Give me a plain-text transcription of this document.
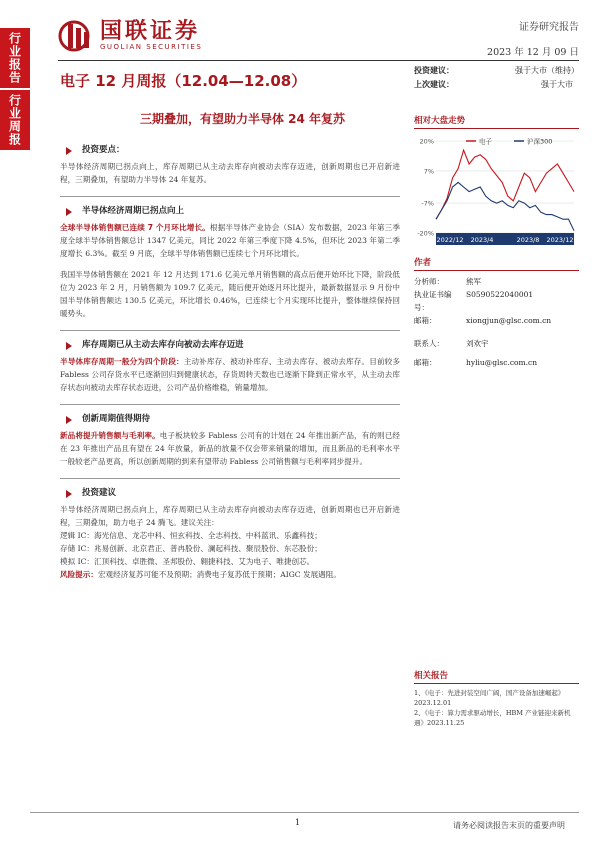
行业报告
行业周报
国联证券
GUOLIAN SECURITIES
证券研究报告
2023 年 12 月 09 日
电子 12 月周报（12.04—12.08）
三期叠加，有望助力半导体 24 年复苏
投资要点：
半导体经济周期已拐点向上，库存周期已从主动去库存向被动去库存迈进，创新周期也已开启新进程，三期叠加，有望助力半导体 24 年复苏。
半导体经济周期已拐点向上
全球半导体销售额已连续 7 个月环比增长。根据半导体产业协会（SIA）发布数据，2023 年第三季度全球半导体销售额总计 1347 亿美元，同比 2022 年第三季度下降 4.5%，但环比 2023 年第二季度增长 6.3%。截至 9 月底，全球半导体销售额已连续七个月环比增长。
我国半导体销售额在 2021 年 12 月达到 171.6 亿美元单月销售额的高点后便开始环比下降，阶段低位为 2023 年 2 月，月销售额为 109.7 亿美元，随后便开始逐月环比提升，最新数据显示 9 月份中国半导体销售额达 130.5 亿美元，环比增长 0.46%，已连续七个月实现环比提升，整体继续保持回暖势头。
库存周期已从主动去库存向被动去库存迈进
半导体库存周期一般分为四个阶段：主动补库存、被动补库存、主动去库存、被动去库存。目前较多 Fabless 公司存货水平已逐渐回归到健康状态，存货周转天数也已逐渐下降到正常水平，从主动去库存状态向被动去库存状态迈进，公司产品价格维稳，销量增加。
创新周期值得期待
新品将提升销售额与毛利率。电子板块较多 Fabless 公司有的计划在 24 年推出新产品，有的则已经在 23 年推出产品且有望在 24 年放量，新品的放量不仅会带来销量的增加，而且新品的毛利率水平一般较老产品更高，所以创新周期的到来有望带动 Fabless 公司销售额与毛利率同步提升。
投资建议
半导体经济周期已拐点向上，库存周期已从主动去库存向被动去库存迈进，创新周期也已开启新进程，三期叠加，助力电子 24 腾飞。建议关注：
逻辑 IC：海光信息、龙芯中科、恒玄科技、全志科技、中科蓝讯、乐鑫科技；
存储 IC：兆易创新、北京君正、普冉股份、澜起科技、聚辰股份、东芯股份；
模拟 IC：汇顶科技、卓胜微、圣邦股份、翱捷科技、艾为电子、唯捷创芯。
风险提示：宏观经济复苏可能不及预期；消费电子复苏低于预期；AIGC 发展遇阻。
投资建议：	强于大市（维持）
上次建议：	强于大市
相对大盘走势
20%
7%
-7%
-20%
2022/12 2023/4	2023/8 2023/12
电子	沪深300
作者
分析师：	熊军
执业证书编号：
S0590522040001
邮箱：	xiongjun@glsc.com.cn
联系人：	刘欢宇
邮箱：	hyliu@glsc.com.cn
相关报告
1、《电子：先进封装空间广阔，国产设备加速崛起》2023.12.01
2、《电子：算力需求驱动增长，HBM 产业链迎来新机遇》2023.11.25
1	请务必阅读报告末页的重要声明
